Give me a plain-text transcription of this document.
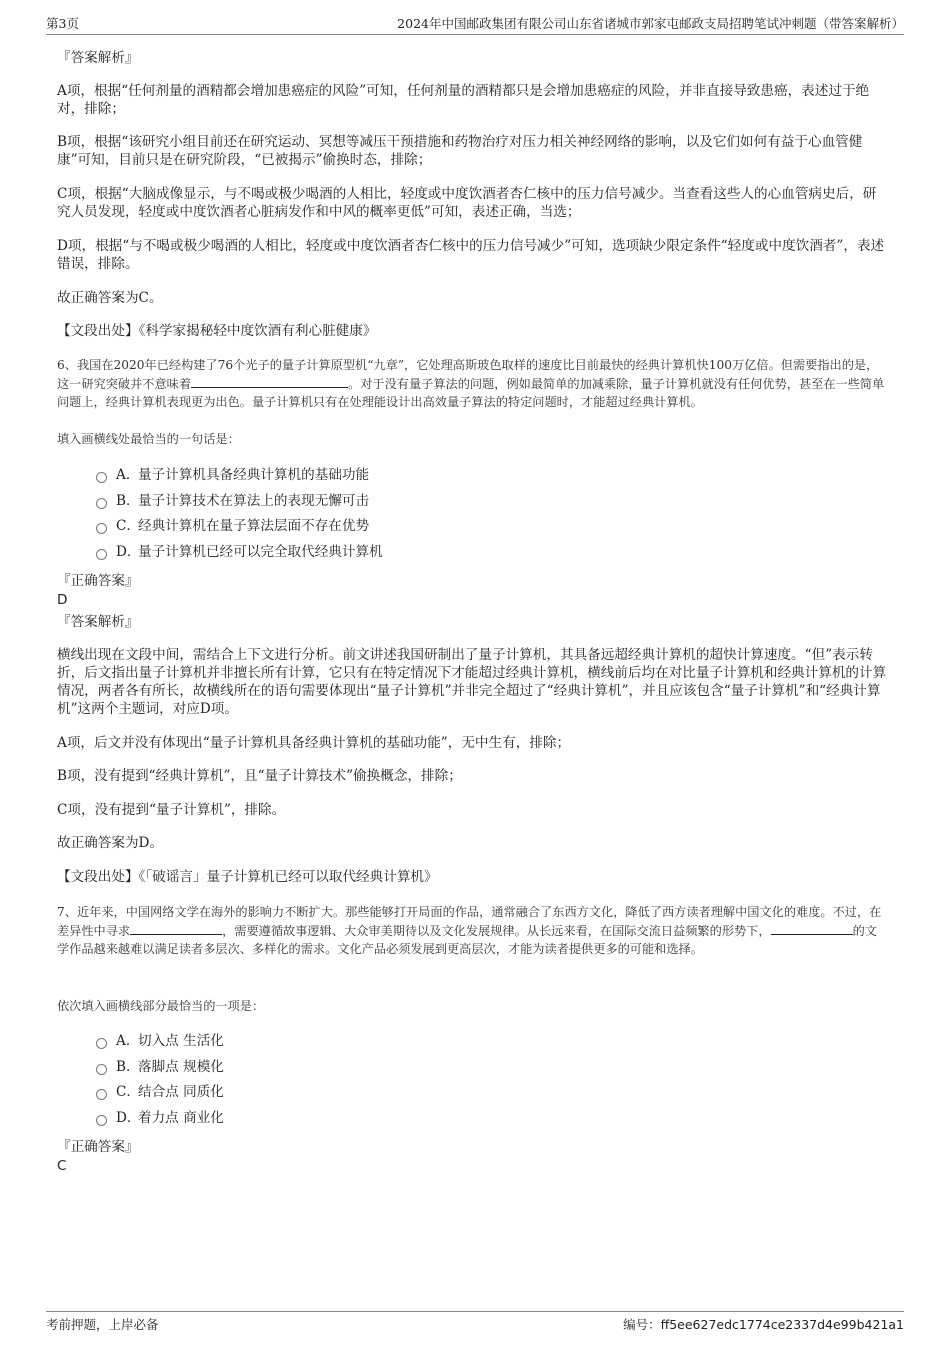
第3页	2024年中国邮政集团有限公司山东省诸城市郭家屯邮政支局招聘笔试冲刺题（带答案解析）
『答案解析』
A项，根据“任何剂量的酒精都会增加患癌症的风险”可知，任何剂量的酒精都只是会增加患癌症的风险，并非直接导致患癌，表述过于绝对，排除；
B项，根据“该研究小组目前还在研究运动、冥想等减压干预措施和药物治疗对压力相关神经网络的影响，以及它们如何有益于心血管健康”可知，目前只是在研究阶段，“已被揭示”偷换时态，排除；
C项，根据“大脑成像显示，与不喝或极少喝酒的人相比，轻度或中度饮酒者杏仁核中的压力信号减少。当查看这些人的心血管病史后，研究人员发现，轻度或中度饮酒者心脏病发作和中风的概率更低”可知，表述正确，当选；
D项，根据“与不喝或极少喝酒的人相比，轻度或中度饮酒者杏仁核中的压力信号减少”可知，选项缺少限定条件“轻度或中度饮酒者”，表述错误，排除。
故正确答案为C。
【文段出处】《科学家揭秘轻中度饮酒有利心脏健康》
6、我国在2020年已经构建了76个光子的量子计算原型机“九章”，它处理高斯玻色取样的速度比目前最快的经典计算机快100万亿倍。但需要指出的是，这一研究突破并不意味着	。对于没有量子算法的问题，例如最简单的加减乘除，量子计算机就没有任何优势，甚至在一些简单问题上，经典计算机表现更为出色。量子计算机只有在处理能设计出高效量子算法的特定问题时，才能超过经典计算机。
填入画横线处最恰当的一句话是：
A．量子计算机具备经典计算机的基础功能
B．量子计算技术在算法上的表现无懈可击
C．经典计算机在量子算法层面不存在优势
D．量子计算机已经可以完全取代经典计算机
『正确答案』
D
『答案解析』
横线出现在文段中间，需结合上下文进行分析。前文讲述我国研制出了量子计算机，其具备远超经典计算机的超快计算速度。“但”表示转折，后文指出量子计算机并非擅长所有计算，它只有在特定情况下才能超过经典计算机，横线前后均在对比量子计算机和经典计算机的计算情况，两者各有所长，故横线所在的语句需要体现出“量子计算机”并非完全超过了“经典计算机”，并且应该包含“量子计算机”和“经典计算机”这两个主题词，对应D项。
A项，后文并没有体现出“量子计算机具备经典计算机的基础功能”，无中生有，排除；
B项，没有提到“经典计算机”，且“量子计算技术”偷换概念，排除；
C项，没有提到“量子计算机”，排除。
故正确答案为D。
【文段出处】《「破谣言」量子计算机已经可以取代经典计算机》
7、近年来，中国网络文学在海外的影响力不断扩大。那些能够打开局面的作品，通常融合了东西方文化，降低了西方读者理解中国文化的难度。不过，在差异性中寻求	，需要遵循故事逻辑、大众审美期待以及文化发展规律。从长远来看，在国际交流日益频繁的形势下，	的文学作品越来越难以满足读者多层次、多样化的需求。文化产品必须发展到更高层次，才能为读者提供更多的可能和选择。
依次填入画横线部分最恰当的一项是：
A．切入点 生活化
B．落脚点 规模化
C．结合点 同质化
D．着力点 商业化
『正确答案』
C
考前押题，上岸必备	编号：ff5ee627edc1774ce2337d4e99b421a1
